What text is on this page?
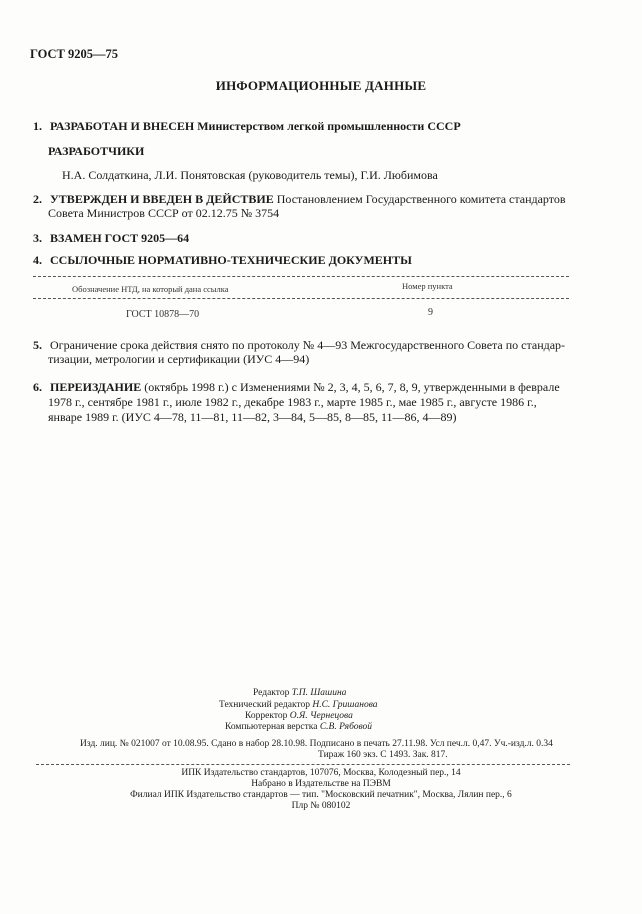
ГОСТ 9205—75
ИНФОРМАЦИОННЫЕ ДАННЫЕ
1. РАЗРАБОТАН И ВНЕСЕН Министерством легкой промышленности СССР
РАЗРАБОТЧИКИ
Н.А. Солдаткина, Л.И. Понятовская (руководитель темы), Г.И. Любимова
2. УТВЕРЖДЕН И ВВЕДЕН В ДЕЙСТВИЕ Постановлением Государственного комитета стандартов
Совета Министров СССР от 02.12.75 № 3754
3. ВЗАМЕН ГОСТ 9205—64
4. ССЫЛОЧНЫЕ НОРМАТИВНО-ТЕХНИЧЕСКИЕ ДОКУМЕНТЫ
Обозначение НТД, на который дана ссылка	Номер пункта
ГОСТ 10878—70	9
5. Ограничение срока действия снято по протоколу № 4—93 Межгосударственного Совета по стандар-
тизации, метрологии и сертификации (ИУС 4—94)
6. ПЕРЕИЗДАНИЕ (октябрь 1998 г.) с Изменениями № 2, 3, 4, 5, 6, 7, 8, 9, утвержденными в феврале
1978 г., сентябре 1981 г., июле 1982 г., декабре 1983 г., марте 1985 г., мае 1985 г., августе 1986 г.,
январе 1989 г. (ИУС 4—78, 11—81, 11—82, 3—84, 5—85, 8—85, 11—86, 4—89)
Редактор Т.П. Шашина
Технический редактор Н.С. Гришанова
Корректор О.Я. Чернецова
Компьютерная верстка С.В. Рябовой
Изд. лиц. № 021007 от 10.08.95. Сдано в набор 28.10.98. Подписано в печать 27.11.98. Усл печ.л. 0,47. Уч.-изд.л. 0.34
Тираж 160 экз. С 1493. Зак. 817.
ИПК Издательство стандартов, 107076, Москва, Колодезный пер., 14
Набрано в Издательстве на ПЭВМ
Филиал ИПК Издательство стандартов — тип. "Московский печатник", Москва, Лялин пер., 6
Плр № 080102
